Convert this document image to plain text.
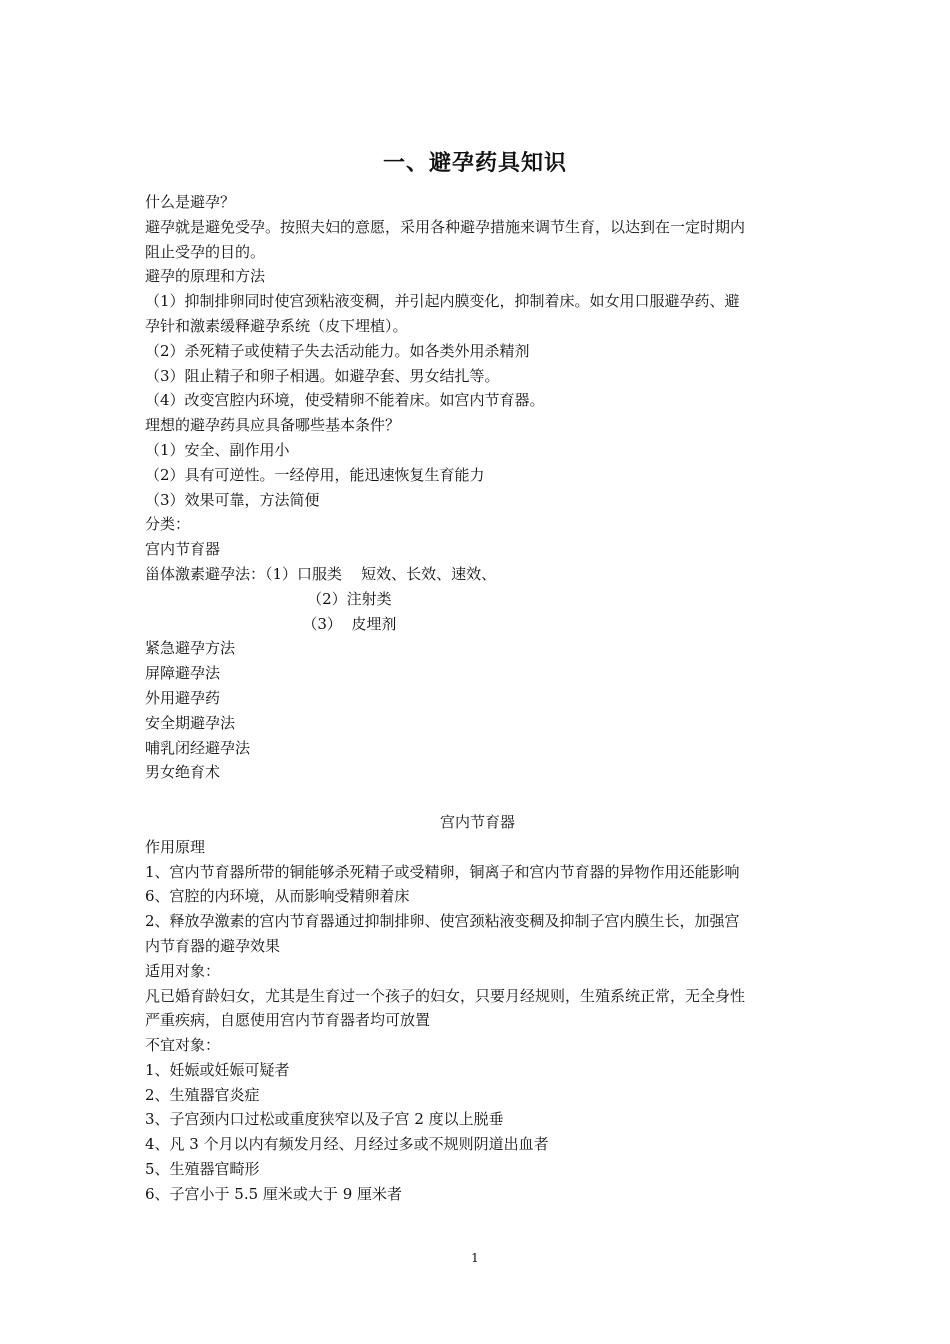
一、避孕药具知识

什么是避孕？

避孕就是避免受孕。按照夫妇的意愿，采用各种避孕措施来调节生育，以达到在一定时期内

阻止受孕的目的。

避孕的原理和方法

（1）抑制排卵同时使宫颈粘液变稠，并引起内膜变化，抑制着床。如女用口服避孕药、避

孕针和激素缓释避孕系统（皮下埋植）。

（2）杀死精子或使精子失去活动能力。如各类外用杀精剂

（3）阻止精子和卵子相遇。如避孕套、男女结扎等。

（4）改变宫腔内环境，使受精卵不能着床。如宫内节育器。

理想的避孕药具应具备哪些基本条件？

（1）安全、副作用小

（2）具有可逆性。一经停用，能迅速恢复生育能力

（3）效果可靠，方法简便

分类：

宫内节育器

甾体激素避孕法：（1）口服类    短效、长效、速效、

（2）注射类

（3）  皮埋剂

紧急避孕方法

屏障避孕法

外用避孕药

安全期避孕法

哺乳闭经避孕法

男女绝育术

宫内节育器

作用原理

1、宫内节育器所带的铜能够杀死精子或受精卵，铜离子和宫内节育器的异物作用还能影响

6、宫腔的内环境，从而影响受精卵着床

2、释放孕激素的宫内节育器通过抑制排卵、使宫颈粘液变稠及抑制子宫内膜生长，加强宫

内节育器的避孕效果

适用对象：

凡已婚育龄妇女，尤其是生育过一个孩子的妇女，只要月经规则，生殖系统正常，无全身性

严重疾病，自愿使用宫内节育器者均可放置

不宜对象：

1、妊娠或妊娠可疑者

2、生殖器官炎症

3、子宫颈内口过松或重度狭窄以及子宫 2 度以上脱垂

4、凡 3 个月以内有频发月经、月经过多或不规则阴道出血者

5、生殖器官畸形

6、子宫小于 5.5 厘米或大于 9 厘米者

1
